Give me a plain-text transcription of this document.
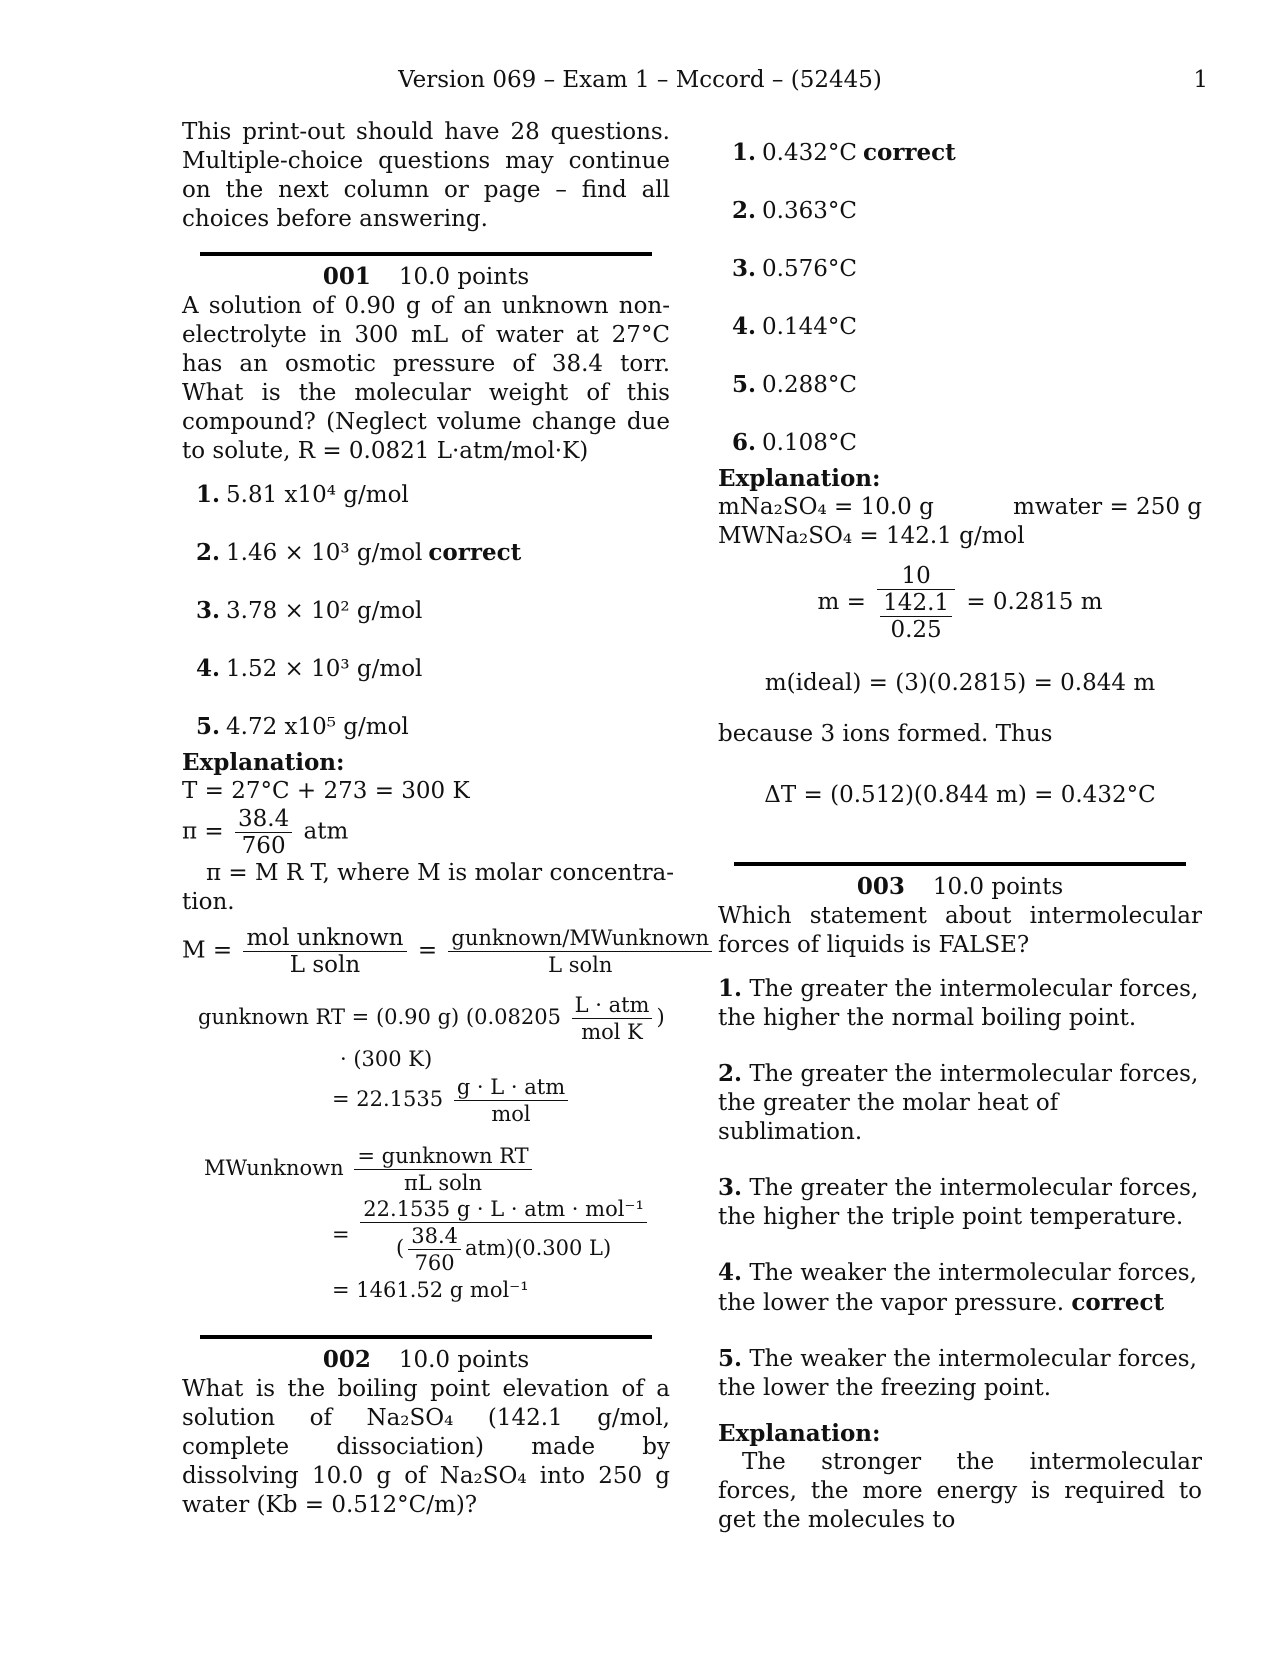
Version 069 – Exam 1 – Mccord – (52445)	1
This print-out should have 28 questions. Multiple-choice questions may continue on the next column or page – find all choices before answering.
001 10.0 points
A solution of 0.90 g of an unknown non-electrolyte in 300 mL of water at 27°C has an osmotic pressure of 38.4 torr. What is the molecular weight of this compound? (Neglect volume change due to solute, R = 0.0821 L·atm/mol·K)
1. 5.81 x10⁴ g/mol
2. 1.46 × 10³ g/mol correct
3. 3.78 × 10² g/mol
4. 1.52 × 10³ g/mol
5. 4.72 x10⁵ g/mol
Explanation:
T = 27°C + 273 = 300 K
$\pi = \frac{38.4}{760}$ atm
π = M R T, where M is molar concentra-
tion.
$M = \frac{\text{mol unknown}}{\text{L soln}} = \frac{\text{gunknown/MWunknown}}{\text{L soln}}$
gunknown RT = (0.90 g) ($0.08205 \frac{\text{L · atm}}{\text{mol K}}$ )
· (300 K)
= $22.1535 \frac{\text{g · L · atm}}{\text{mol}}$
MWunknown $\frac{\text{= gunknown RT}}{\text{πL soln}}$
= $\frac{\text{22.1535 g · L · atm · mol⁻¹}}{( \frac{38.4}{760} atm)(0.300 L)}$
= 1461.52 g mol⁻¹
002 10.0 points
What is the boiling point elevation of a solution of Na₂SO₄ (142.1 g/mol, complete dissociation) made by dissolving 10.0 g of Na₂SO₄ into 250 g water (Kb = 0.512°C/m)?
1. 0.432°C correct
2. 0.363°C
3. 0.576°C
4. 0.144°C
5. 0.288°C
6. 0.108°C
Explanation:
mNa₂SO₄ = 10.0 g	mwater = 250 g
MWNa₂SO₄ = 142.1 g/mol
$m = \frac{10}{\frac{142.1}{0.25}} = 0.2815$ m
m(ideal) = (3)(0.2815) = 0.844 m
because 3 ions formed. Thus
ΔT = (0.512)(0.844 m) = 0.432°C
003 10.0 points
Which statement about intermolecular forces of liquids is FALSE?
1. The greater the intermolecular forces, the higher the normal boiling point.
2. The greater the intermolecular forces, the greater the molar heat of sublimation.
3. The greater the intermolecular forces, the higher the triple point temperature.
4. The weaker the intermolecular forces, the lower the vapor pressure. correct
5. The weaker the intermolecular forces, the lower the freezing point.
Explanation:
The stronger the intermolecular forces, the more energy is required to get the molecules to
